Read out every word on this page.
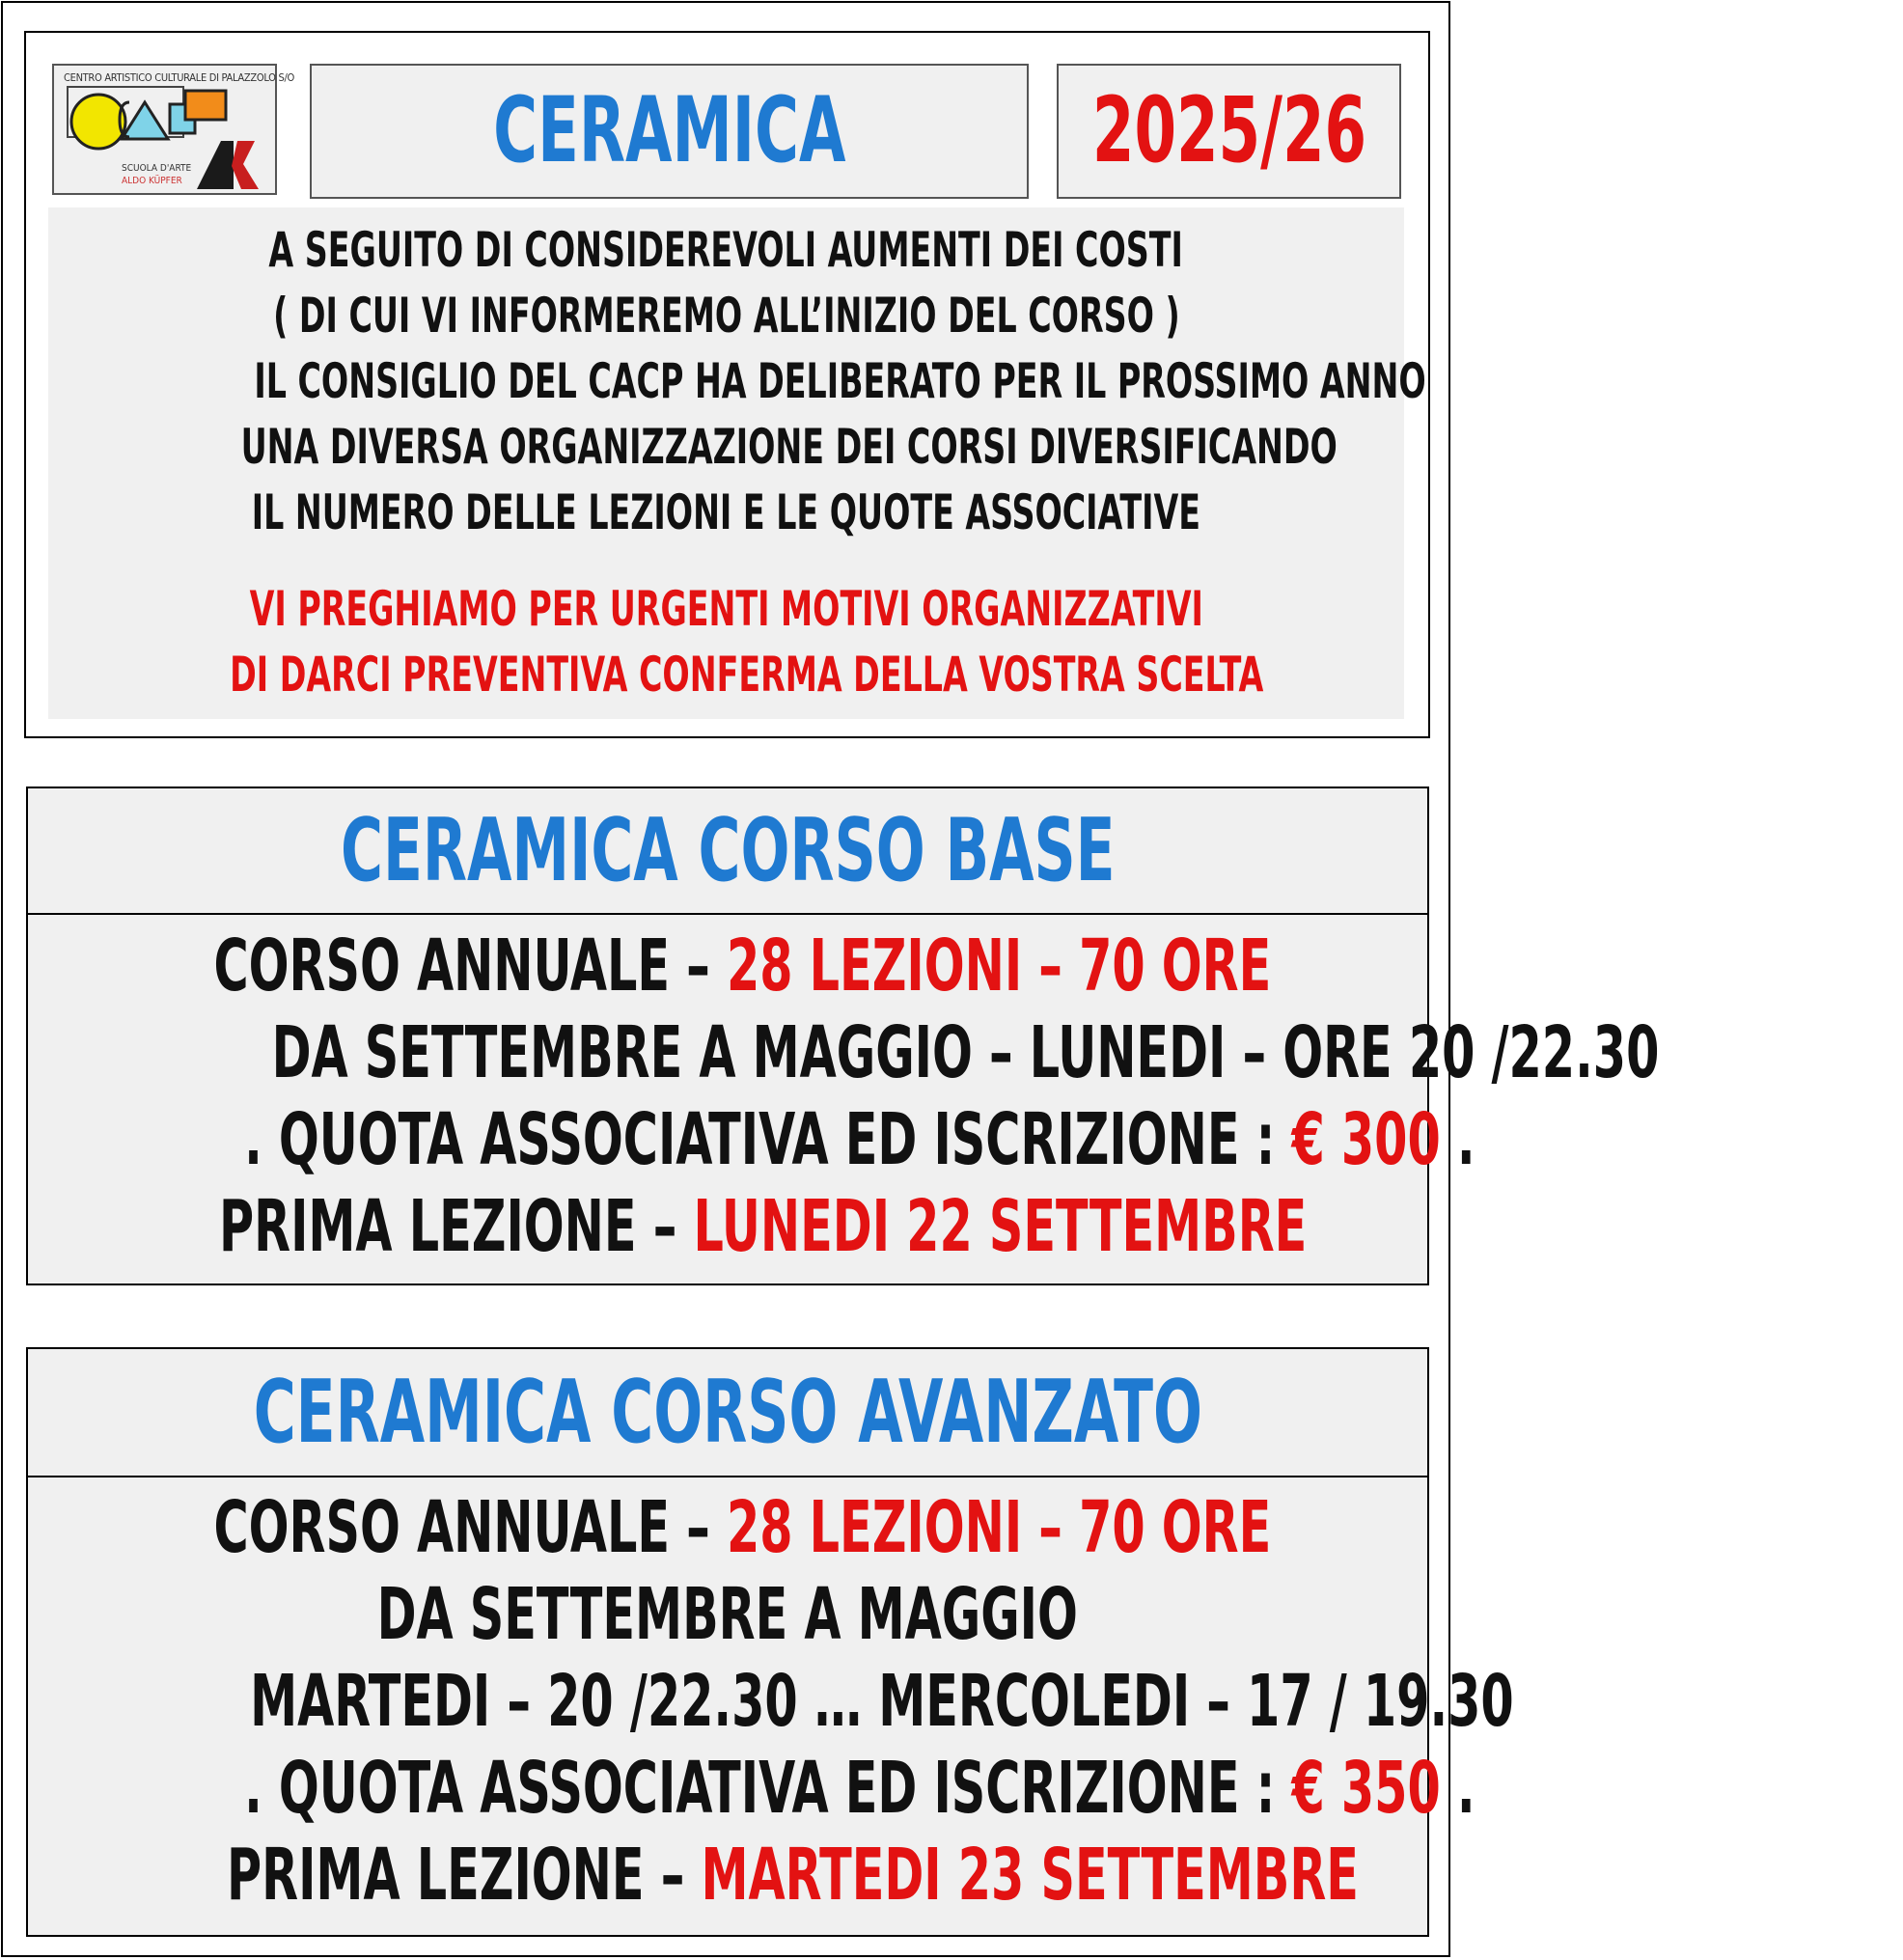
CENTRO ARTISTICO CULTURALE DI PALAZZOLO S/O
SCUOLA D'ARTE
ALDO KÜPFER	CERAMICA	2025/26
A SEGUITO DI CONSIDEREVOLI AUMENTI DEI COSTI
( DI CUI VI INFORMEREMO ALL’INIZIO DEL CORSO )
IL CONSIGLIO DEL CACP HA DELIBERATO PER IL PROSSIMO ANNO
UNA DIVERSA ORGANIZZAZIONE DEI CORSI DIVERSIFICANDO
IL NUMERO DELLE LEZIONI E LE QUOTE ASSOCIATIVE
VI PREGHIAMO PER URGENTI MOTIVI ORGANIZZATIVI
DI DARCI PREVENTIVA CONFERMA DELLA VOSTRA SCELTA
CERAMICA CORSO BASE
CORSO ANNUALE – 28 LEZIONI – 70 ORE
DA SETTEMBRE A MAGGIO – LUNEDI – ORE 20 /22.30
. QUOTA ASSOCIATIVA ED ISCRIZIONE : € 300 .
PRIMA LEZIONE – LUNEDI 22 SETTEMBRE
CERAMICA CORSO AVANZATO
CORSO ANNUALE – 28 LEZIONI – 70 ORE
DA SETTEMBRE A MAGGIO
MARTEDI – 20 /22.30 … MERCOLEDI – 17 / 19.30
. QUOTA ASSOCIATIVA ED ISCRIZIONE : € 350 .
PRIMA LEZIONE – MARTEDI 23 SETTEMBRE
